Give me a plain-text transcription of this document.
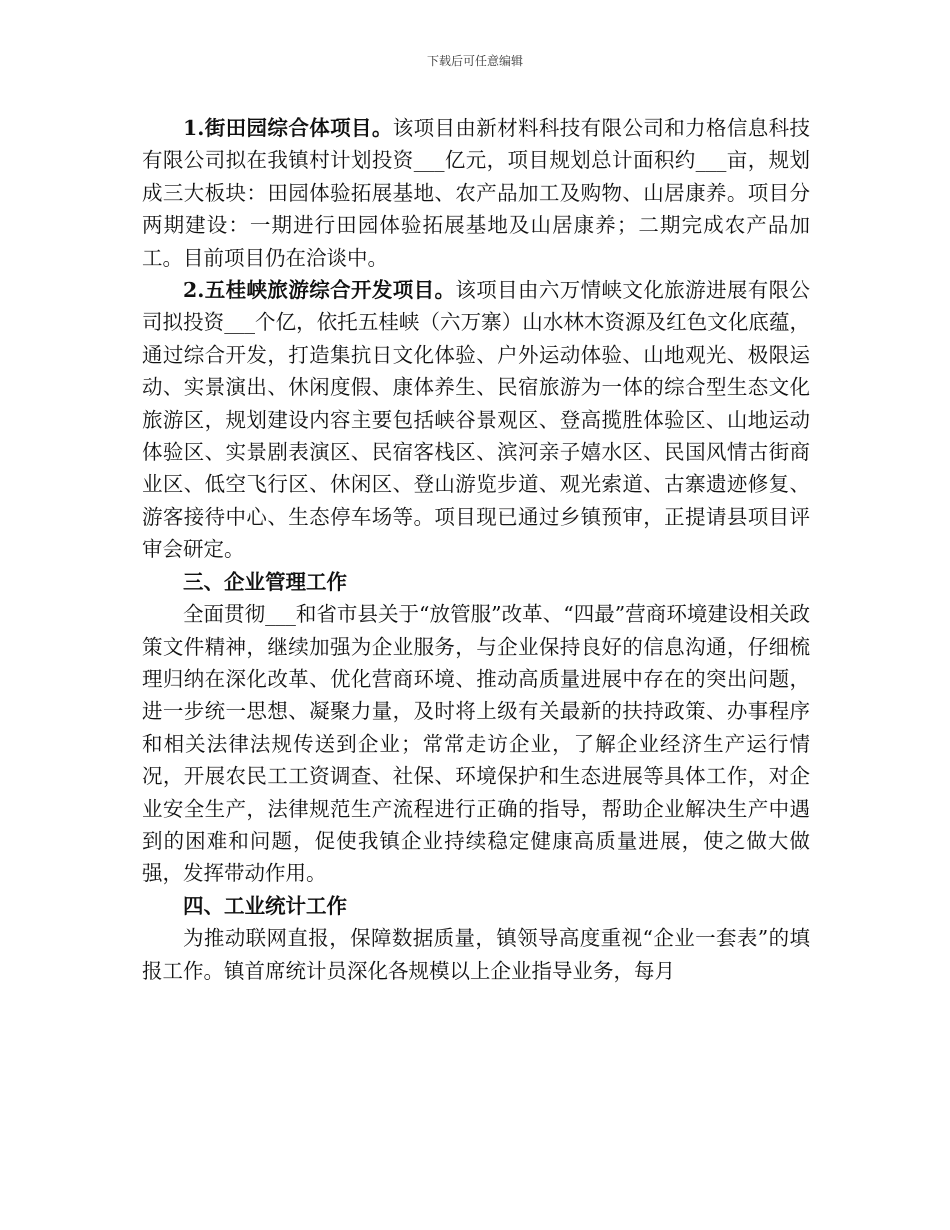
下载后可任意编辑

1.街田园综合体项目。该项目由新材料科技有限公司和力格信息科技有限公司拟在我镇村计划投资___亿元，项目规划总计面积约___亩，规划成三大板块：田园体验拓展基地、农产品加工及购物、山居康养。项目分两期建设：一期进行田园体验拓展基地及山居康养；二期完成农产品加工。目前项目仍在洽谈中。

2.五桂峡旅游综合开发项目。该项目由六万情峡文化旅游进展有限公司拟投资___个亿，依托五桂峡（六万寨）山水林木资源及红色文化底蕴，通过综合开发，打造集抗日文化体验、户外运动体验、山地观光、极限运动、实景演出、休闲度假、康体养生、民宿旅游为一体的综合型生态文化旅游区，规划建设内容主要包括峡谷景观区、登高揽胜体验区、山地运动体验区、实景剧表演区、民宿客栈区、滨河亲子嬉水区、民国风情古街商业区、低空飞行区、休闲区、登山游览步道、观光索道、古寨遗迹修复、游客接待中心、生态停车场等。项目现已通过乡镇预审，正提请县项目评审会研定。

三、企业管理工作

全面贯彻___和省市县关于“放管服”改革、“四最”营商环境建设相关政策文件精神，继续加强为企业服务，与企业保持良好的信息沟通，仔细梳理归纳在深化改革、优化营商环境、推动高质量进展中存在的突出问题，进一步统一思想、凝聚力量，及时将上级有关最新的扶持政策、办事程序和相关法律法规传送到企业；常常走访企业，了解企业经济生产运行情况，开展农民工工资调查、社保、环境保护和生态进展等具体工作，对企业安全生产，法律规范生产流程进行正确的指导，帮助企业解决生产中遇到的困难和问题，促使我镇企业持续稳定健康高质量进展，使之做大做强，发挥带动作用。

四、工业统计工作

为推动联网直报，保障数据质量，镇领导高度重视“企业一套表”的填报工作。镇首席统计员深化各规模以上企业指导业务，每月
